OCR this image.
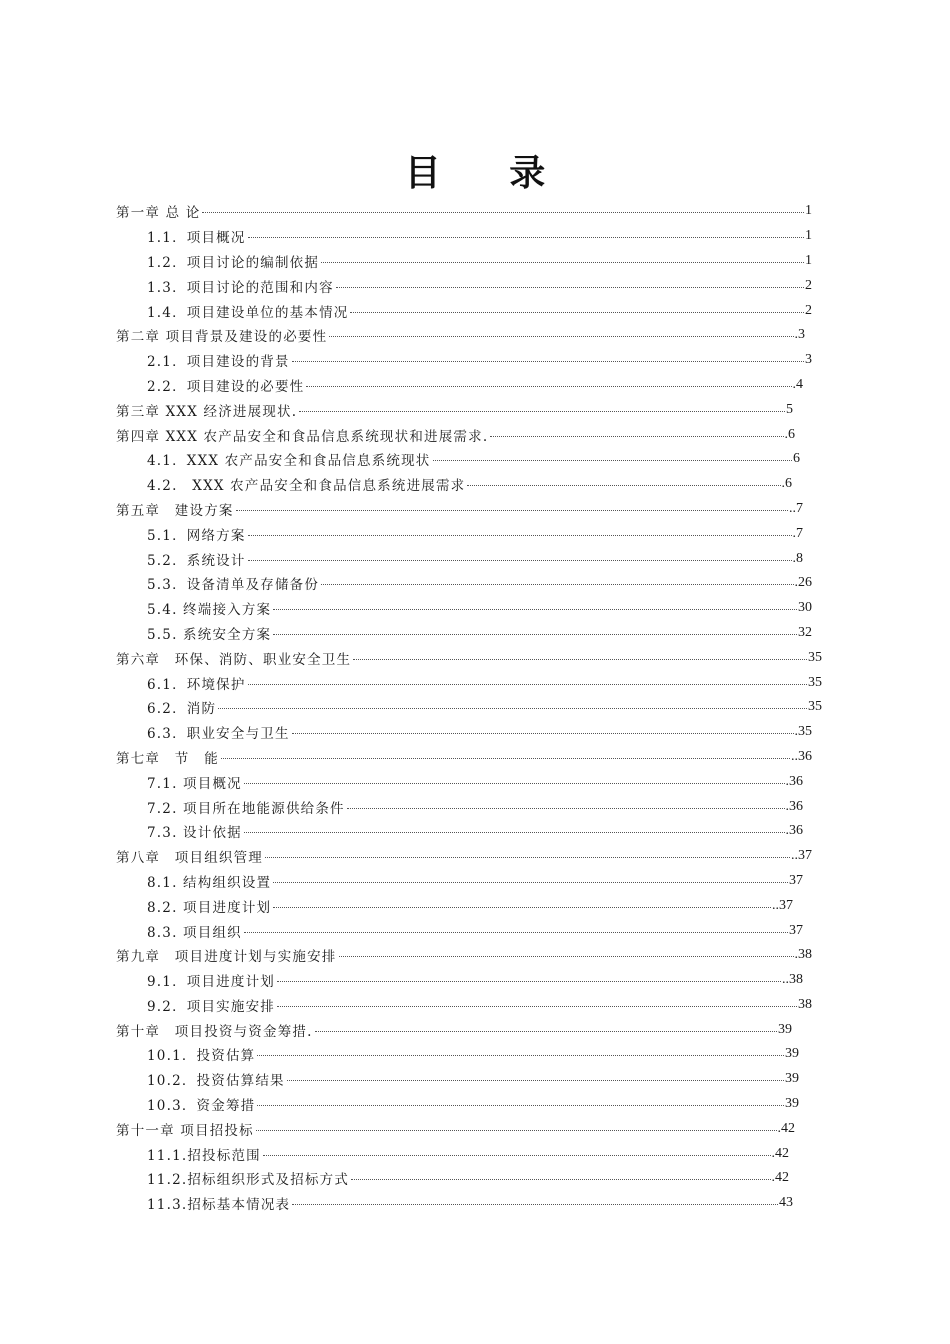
目 录
第一章 总 论	1
1.1．项目概况	1
1.2．项目讨论的编制依据	1
1.3．项目讨论的范围和内容	2
1.4．项目建设单位的基本情况	2
第二章 项目背景及建设的必要性	.3
2.1．项目建设的背景	3
2.2．项目建设的必要性	.4
第三章 XXX 经济进展现状.	5
第四章 XXX 农产品安全和食品信息系统现状和进展需求.	.6
4.1．XXX 农产品安全和食品信息系统现状	6
4.2.　XXX 农产品安全和食品信息系统进展需求	.6
第五章　建设方案	..7
5.1．网络方案	.7
5.2．系统设计	.8
5.3．设备清单及存储备份	.26
5.4. 终端接入方案	30
5.5. 系统安全方案	32
第六章　环保、消防、职业安全卫生	35
6.1．环境保护	35
6.2．消防	35
6.3．职业安全与卫生	.35
第七章　节　能	..36
7.1. 项目概况	.36
7.2. 项目所在地能源供给条件	.36
7.3. 设计依据	.36
第八章　项目组织管理	..37
8.1. 结构组织设置	37
8.2. 项目进度计划	..37
8.3. 项目组织	37
第九章　项目进度计划与实施安排	.38
9.1．项目进度计划	..38
9.2．项目实施安排	38
第十章　项目投资与资金筹措.	39
10.1．投资估算	39
10.2．投资估算结果	39
10.3．资金筹措	39
第十一章 项目招投标	.42
11.1.招投标范围	.42
11.2.招标组织形式及招标方式	.42
11.3.招标基本情况表	43
